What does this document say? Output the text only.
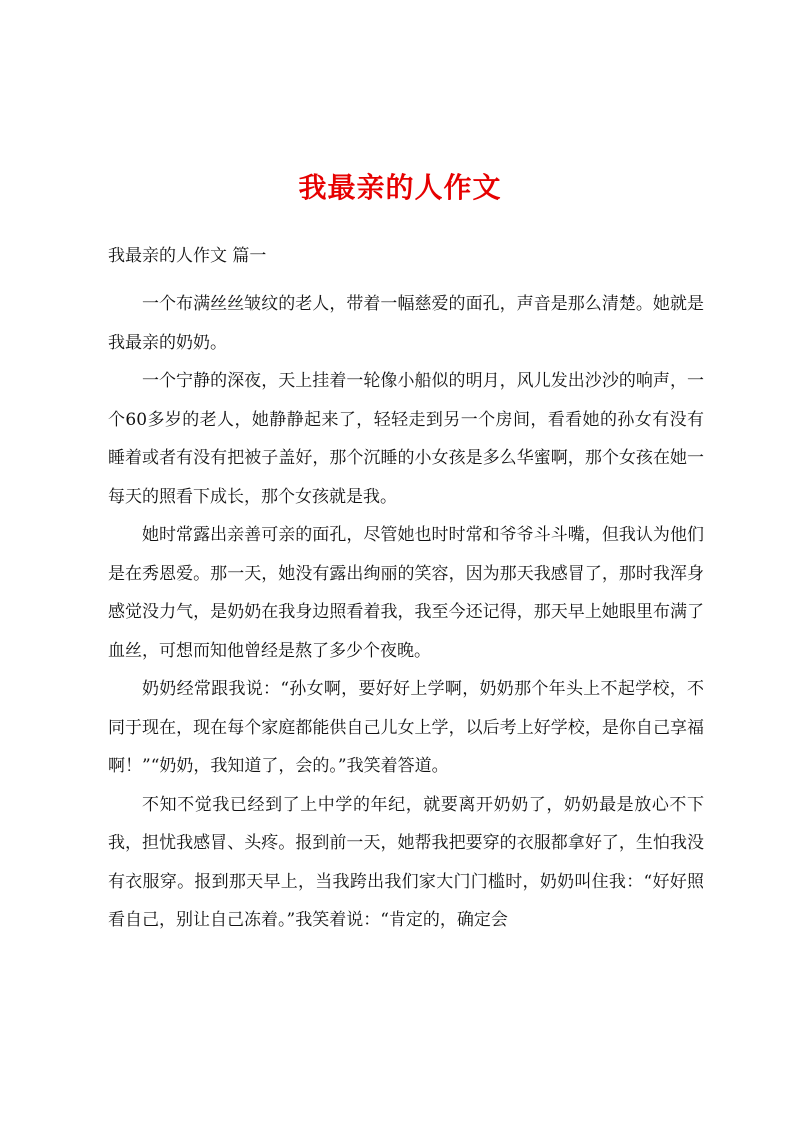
我最亲的人作文
我最亲的人作文 篇一

一个布满丝丝皱纹的老人，带着一幅慈爱的面孔，声音是那么清楚。她就是我最亲的奶奶。

一个宁静的深夜，天上挂着一轮像小船似的明月，风儿发出沙沙的响声，一个60多岁的老人，她静静起来了，轻轻走到另一个房间，看看她的孙女有没有睡着或者有没有把被子盖好，那个沉睡的小女孩是多么华蜜啊，那个女孩在她一每天的照看下成长，那个女孩就是我。

她时常露出亲善可亲的面孔，尽管她也时时常和爷爷斗斗嘴，但我认为他们是在秀恩爱。那一天，她没有露出绚丽的笑容，因为那天我感冒了，那时我浑身感觉没力气，是奶奶在我身边照看着我，我至今还记得，那天早上她眼里布满了血丝，可想而知他曾经是熬了多少个夜晚。

奶奶经常跟我说：“孙女啊，要好好上学啊，奶奶那个年头上不起学校，不同于现在，现在每个家庭都能供自己儿女上学，以后考上好学校，是你自己享福啊！”“奶奶，我知道了，会的。”我笑着答道。

不知不觉我已经到了上中学的年纪，就要离开奶奶了，奶奶最是放心不下我，担忧我感冒、头疼。报到前一天，她帮我把要穿的衣服都拿好了，生怕我没有衣服穿。报到那天早上，当我跨出我们家大门门槛时，奶奶叫住我：“好好照看自己，别让自己冻着。”我笑着说：“肯定的，确定会
